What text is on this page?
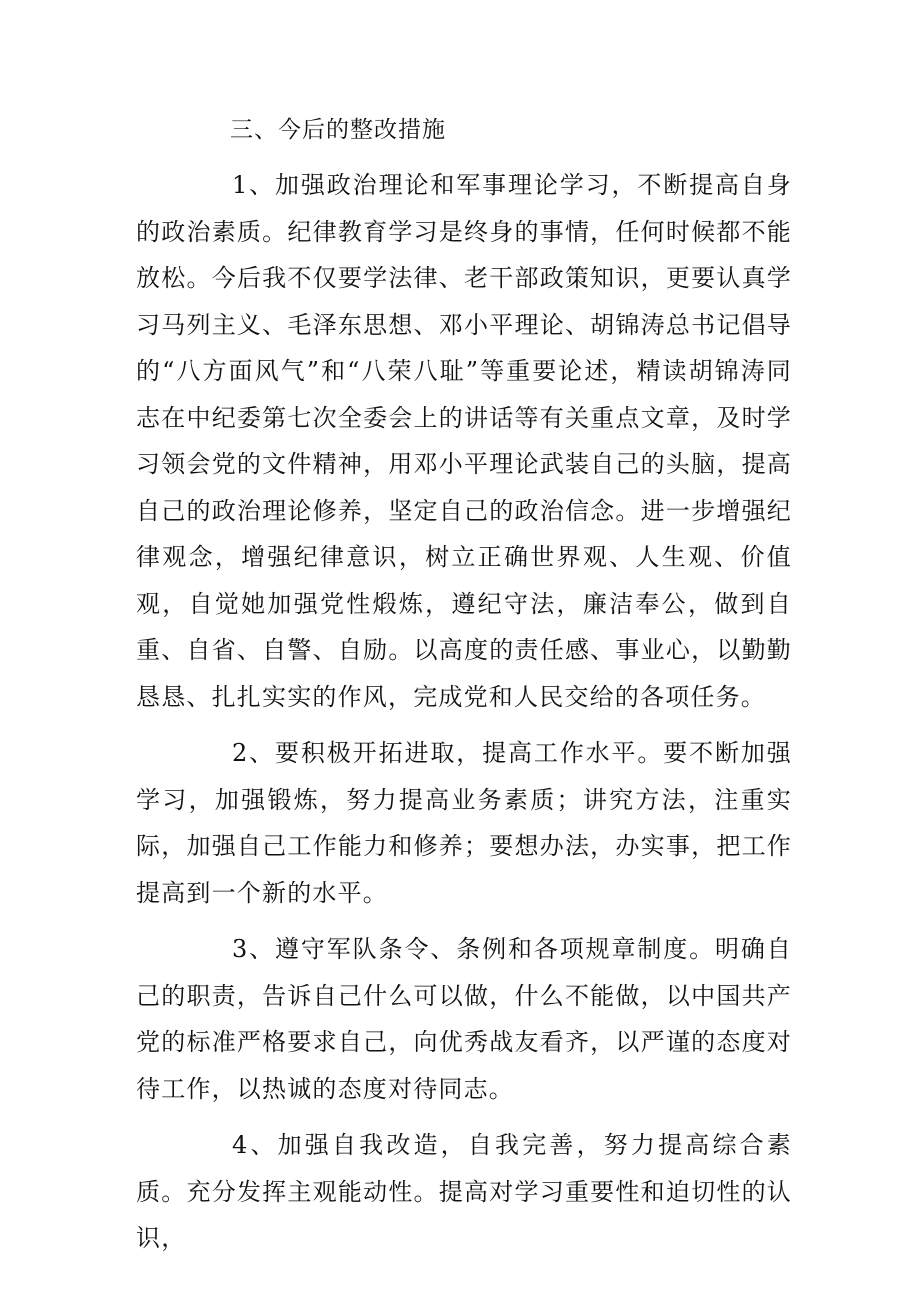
三、今后的整改措施

1、加强政治理论和军事理论学习，不断提高自身的政治素质。纪律教育学习是终身的事情，任何时候都不能放松。今后我不仅要学法律、老干部政策知识，更要认真学习马列主义、毛泽东思想、邓小平理论、胡锦涛总书记倡导的“八方面风气”和“八荣八耻”等重要论述，精读胡锦涛同志在中纪委第七次全委会上的讲话等有关重点文章，及时学习领会党的文件精神，用邓小平理论武装自己的头脑，提高自己的政治理论修养，坚定自己的政治信念。进一步增强纪律观念，增强纪律意识，树立正确世界观、人生观、价值观，自觉她加强党性煅炼，遵纪守法，廉洁奉公，做到自重、自省、自警、自励。以高度的责任感、事业心，以勤勤恳恳、扎扎实实的作风，完成党和人民交给的各项任务。

2、要积极开拓进取，提高工作水平。要不断加强学习，加强锻炼，努力提高业务素质；讲究方法，注重实际，加强自己工作能力和修养；要想办法，办实事，把工作提高到一个新的水平。

3、遵守军队条令、条例和各项规章制度。明确自己的职责，告诉自己什么可以做，什么不能做，以中国共产党的标准严格要求自己，向优秀战友看齐，以严谨的态度对待工作，以热诚的态度对待同志。

4、加强自我改造，自我完善，努力提高综合素质。充分发挥主观能动性。提高对学习重要性和迫切性的认识，
